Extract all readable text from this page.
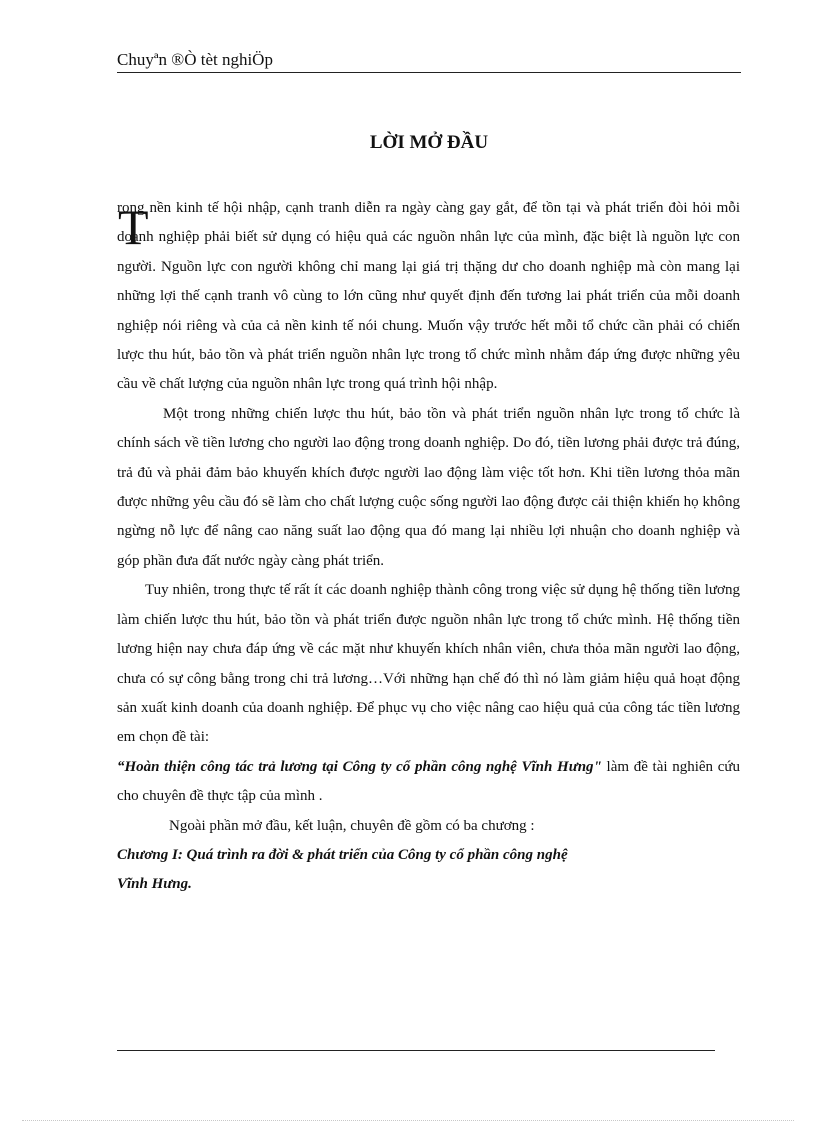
Chuyªn ®Ò tèt nghiÖp
LỜI MỞ ĐẦU

T
rong nền kinh tế hội nhập, cạnh tranh diễn ra ngày càng gay gắt, để tồn tại và phát triển đòi hỏi mỗi doanh nghiệp phải biết sử dụng có hiệu quả các nguồn nhân lực của mình, đặc biệt là nguồn lực con người. Nguồn lực con người không chỉ mang lại giá trị thặng dư cho doanh nghiệp mà còn mang lại những lợi thế cạnh tranh vô cùng to lớn cũng như quyết định đến tương lai phát triển của mỗi doanh nghiệp nói riêng và của cả nền kinh tế nói chung. Muốn vậy trước hết mỗi tổ chức cần phải có chiến lược thu hút, bảo tồn và phát triển nguồn nhân lực trong tổ chức mình nhằm đáp ứng được những yêu cầu về chất lượng của nguồn nhân lực trong quá trình hội nhập.

Một trong những chiến lược thu hút, bảo tồn và phát triển nguồn nhân lực trong tổ chức là chính sách về tiền lương cho người lao động trong doanh nghiệp. Do đó, tiền lương phải được trả đúng, trả đủ và phải đảm bảo khuyến khích được người lao động làm việc tốt hơn. Khi tiền lương thỏa mãn được những yêu cầu đó sẽ làm cho chất lượng cuộc sống người lao động được cải thiện khiến họ không ngừng nỗ lực để nâng cao năng suất lao động qua đó mang lại nhiều lợi nhuận cho doanh nghiệp và góp phần đưa đất nước ngày càng phát triển.

Tuy nhiên, trong thực tế rất ít các doanh nghiệp thành công trong việc sử dụng hệ thống tiền lương làm chiến lược thu hút, bảo tồn và phát triển được nguồn nhân lực trong tổ chức mình. Hệ thống tiền lương hiện nay chưa đáp ứng về các mặt như khuyến khích nhân viên, chưa thỏa mãn người lao động, chưa có sự công bằng trong chi trả lương…Với những hạn chế đó thì nó làm giảm hiệu quả hoạt động sản xuất kinh doanh của doanh nghiệp. Để phục vụ cho việc nâng cao hiệu quả của công tác tiền lương em chọn đề tài:

“Hoàn thiện công tác trả lương tại Công ty cổ phần công nghệ Vĩnh Hưng" làm đề tài nghiên cứu cho chuyên đề thực tập của mình .

Ngoài phần mở đầu, kết luận, chuyên đề gồm có ba chương :

Chương I: Quá trình ra đời & phát triển của Công ty cổ phần công nghệ

Vĩnh Hưng.
